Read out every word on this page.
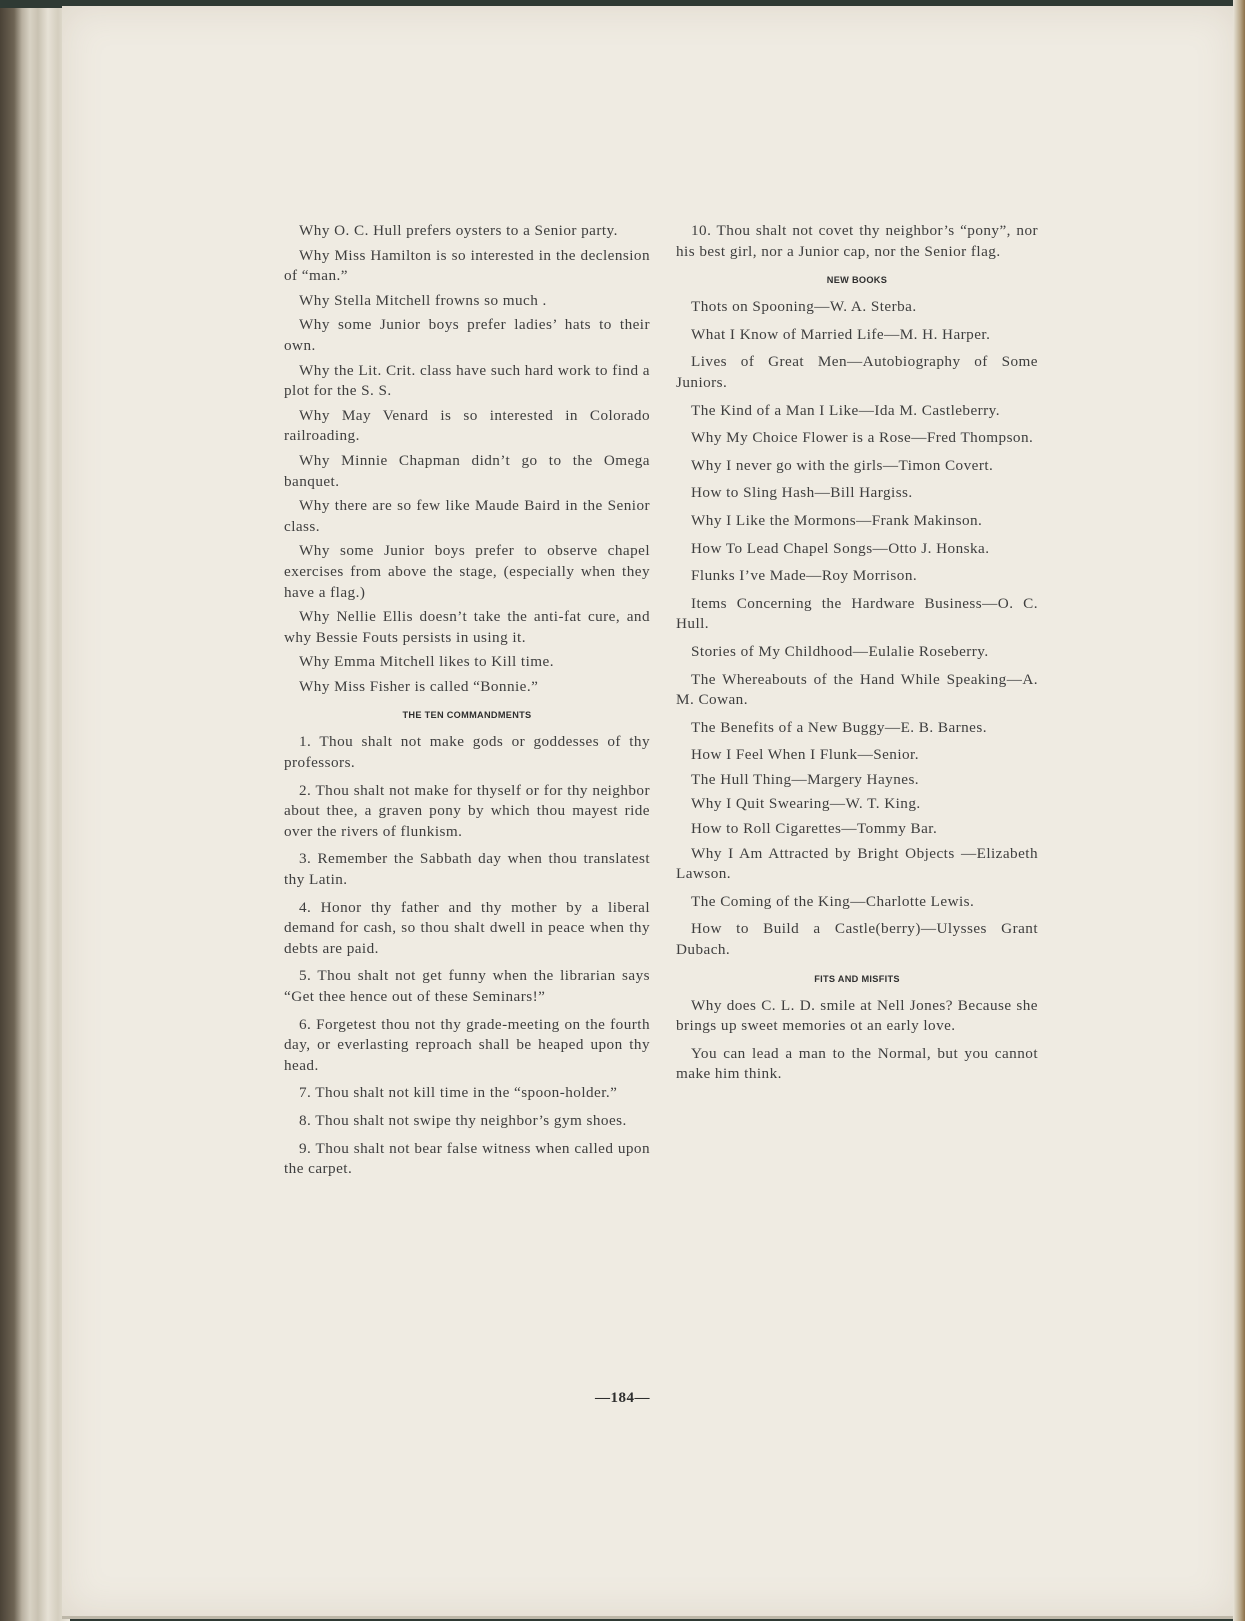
Why O. C. Hull prefers oysters to a Senior party.

Why Miss Hamilton is so interested in the declension of “man.”

Why Stella Mitchell frowns so much .

Why some Junior boys prefer ladies’ hats to their own.

Why the Lit. Crit. class have such hard work to find a plot for the S. S.

Why May Venard is so interested in Colorado railroading.

Why Minnie Chapman didn’t go to the Omega banquet.

Why there are so few like Maude Baird in the Senior class.

Why some Junior boys prefer to observe chapel exercises from above the stage, (especially when they have a flag.)

Why Nellie Ellis doesn’t take the anti-fat cure, and why Bessie Fouts persists in using it.

Why Emma Mitchell likes to Kill time.

Why Miss Fisher is called “Bonnie.”

THE TEN COMMANDMENTS

1. Thou shalt not make gods or goddesses of thy professors.

2. Thou shalt not make for thyself or for thy neighbor about thee, a graven pony by which thou mayest ride over the rivers of flunkism.

3. Remember the Sabbath day when thou translatest thy Latin.

4. Honor thy father and thy mother by a liberal demand for cash, so thou shalt dwell in peace when thy debts are paid.

5. Thou shalt not get funny when the librarian says “Get thee hence out of these Seminars!”

6. Forgetest thou not thy grade-meeting on the fourth day, or everlasting reproach shall be heaped upon thy head.

7. Thou shalt not kill time in the “spoon-holder.”

8. Thou shalt not swipe thy neighbor’s gym shoes.

9. Thou shalt not bear false witness when called upon the carpet.

10. Thou shalt not covet thy neighbor’s “pony”, nor his best girl, nor a Junior cap, nor the Senior flag.

NEW BOOKS

Thots on Spooning—W. A. Sterba.

What I Know of Married Life—M. H. Harper.

Lives of Great Men—Autobiography of Some Juniors.

The Kind of a Man I Like—Ida M. Castleberry.

Why My Choice Flower is a Rose—Fred Thompson.

Why I never go with the girls—Timon Covert.

How to Sling Hash—Bill Hargiss.

Why I Like the Mormons—Frank Makinson.

How To Lead Chapel Songs—Otto J. Honska.

Flunks I’ve Made—Roy Morrison.

Items Concerning the Hardware Business—O. C. Hull.

Stories of My Childhood—Eulalie Roseberry.

The Whereabouts of the Hand While Speaking—A. M. Cowan.

The Benefits of a New Buggy—E. B. Barnes.

How I Feel When I Flunk—Senior.

The Hull Thing—Margery Haynes.

Why I Quit Swearing—W. T. King.

How to Roll Cigarettes—Tommy Bar.

Why I Am Attracted by Bright Objects —Elizabeth Lawson.

The Coming of the King—Charlotte Lewis.

How to Build a Castle(berry)—Ulysses Grant Dubach.

FITS AND MISFITS

Why does C. L. D. smile at Nell Jones? Because she brings up sweet memories ot an early love.

You can lead a man to the Normal, but you cannot make him think.

—184—
